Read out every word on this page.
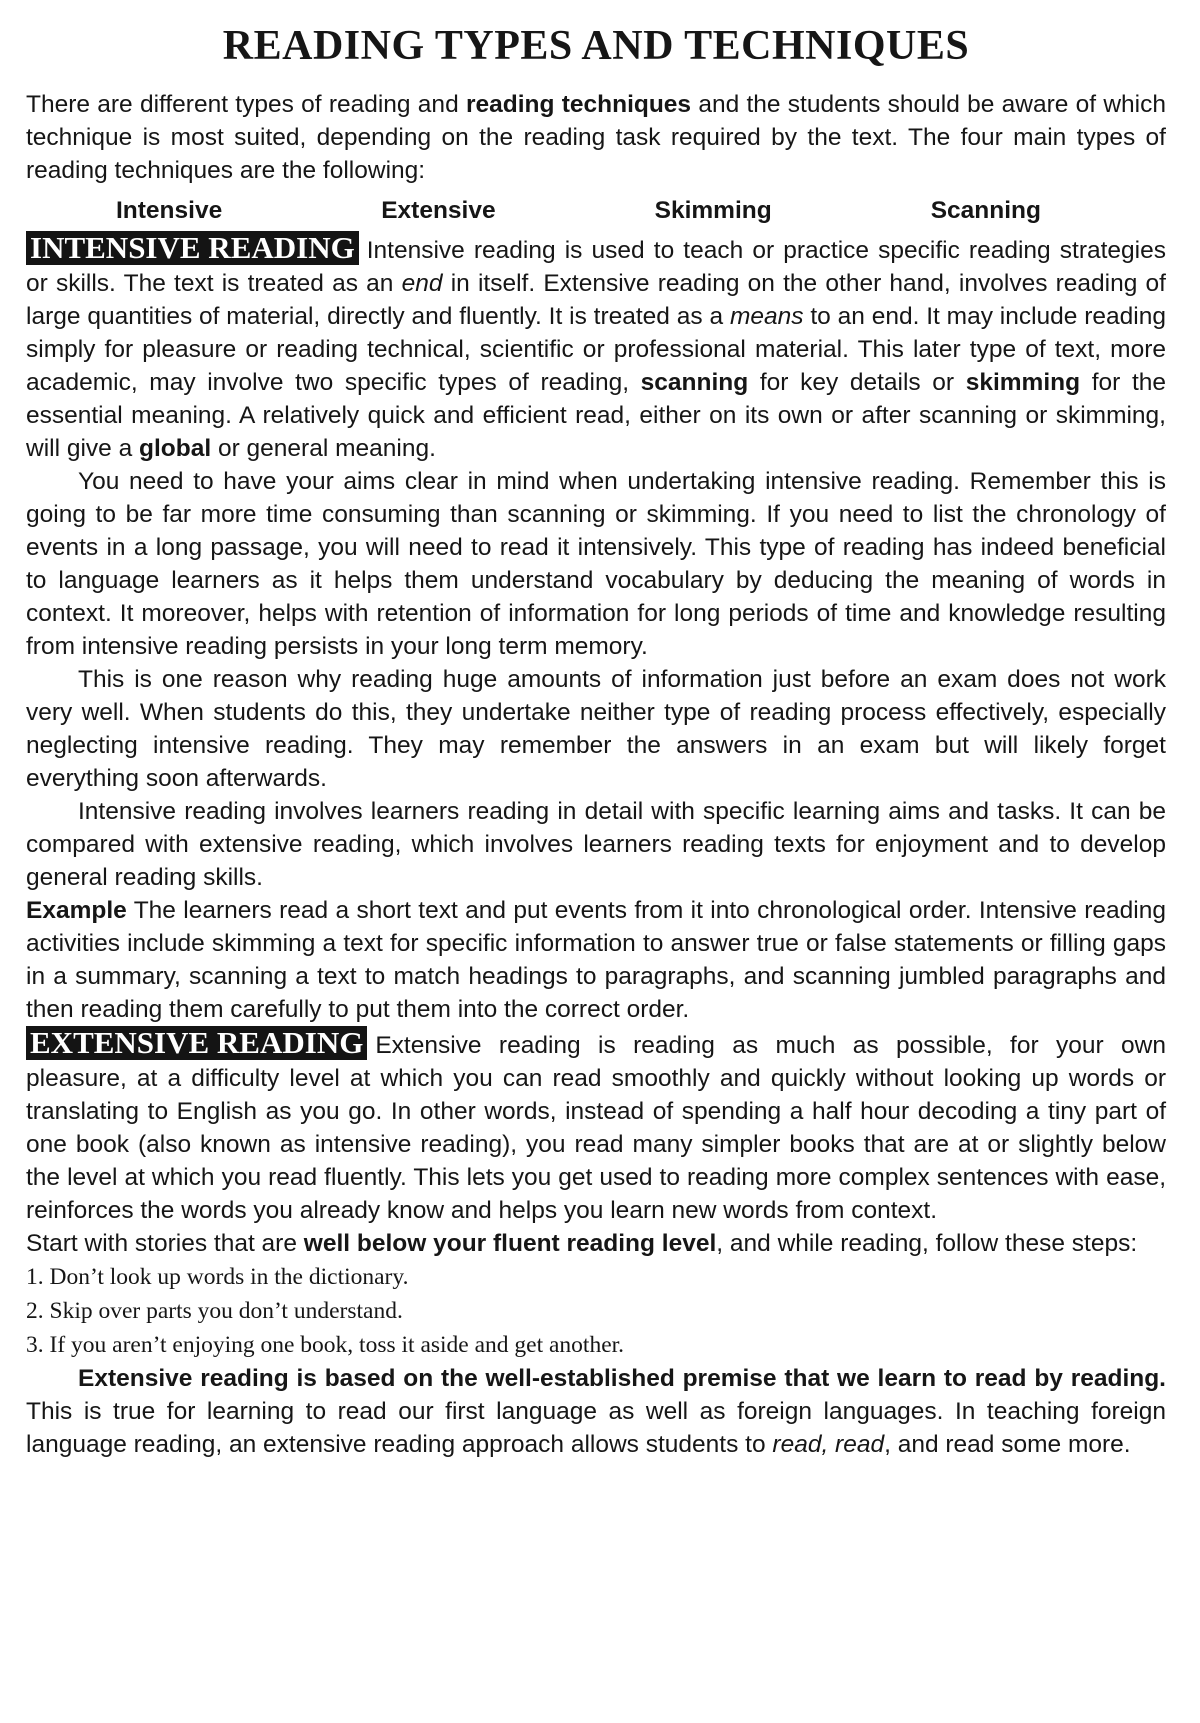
READING TYPES AND TECHNIQUES

There are different types of reading and reading techniques and the students should be aware of which technique is most suited, depending on the reading task required by the text. The four main types of reading techniques are the following:

Intensive	Extensive	Skimming	Scanning

INTENSIVE READING Intensive reading is used to teach or practice specific reading strategies or skills. The text is treated as an end in itself. Extensive reading on the other hand, involves reading of large quantities of material, directly and fluently. It is treated as a means to an end. It may include reading simply for pleasure or reading technical, scientific or professional material. This later type of text, more academic, may involve two specific types of reading, scanning for key details or skimming for the essential meaning. A relatively quick and efficient read, either on its own or after scanning or skimming, will give a global or general meaning.

You need to have your aims clear in mind when undertaking intensive reading. Remember this is going to be far more time consuming than scanning or skimming. If you need to list the chronology of events in a long passage, you will need to read it intensively. This type of reading has indeed beneficial to language learners as it helps them understand vocabulary by deducing the meaning of words in context. It moreover, helps with retention of information for long periods of time and knowledge resulting from intensive reading persists in your long term memory.

This is one reason why reading huge amounts of information just before an exam does not work very well. When students do this, they undertake neither type of reading process effectively, especially neglecting intensive reading. They may remember the answers in an exam but will likely forget everything soon afterwards.

Intensive reading involves learners reading in detail with specific learning aims and tasks. It can be compared with extensive reading, which involves learners reading texts for enjoyment and to develop general reading skills.

Example The learners read a short text and put events from it into chronological order. Intensive reading activities include skimming a text for specific information to answer true or false statements or filling gaps in a summary, scanning a text to match headings to paragraphs, and scanning jumbled paragraphs and then reading them carefully to put them into the correct order.

EXTENSIVE READING Extensive reading is reading as much as possible, for your own pleasure, at a difficulty level at which you can read smoothly and quickly without looking up words or translating to English as you go. In other words, instead of spending a half hour decoding a tiny part of one book (also known as intensive reading), you read many simpler books that are at or slightly below the level at which you read fluently. This lets you get used to reading more complex sentences with ease, reinforces the words you already know and helps you learn new words from context.

Start with stories that are well below your fluent reading level, and while reading, follow these steps:

1. Don’t look up words in the dictionary.

2. Skip over parts you don’t understand.

3. If you aren’t enjoying one book, toss it aside and get another.

Extensive reading is based on the well-established premise that we learn to read by reading. This is true for learning to read our first language as well as foreign languages. In teaching foreign language reading, an extensive reading approach allows students to read, read, and read some more.
